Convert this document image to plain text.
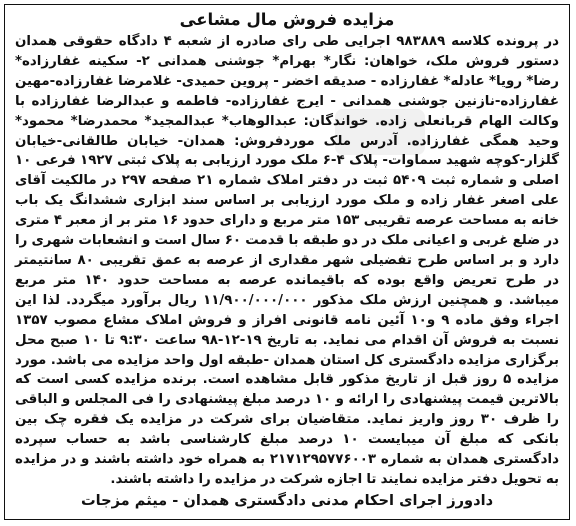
مزایده فروش مال مشاعی

در پرونده کلاسه ۹۸۳۸۸۹ اجرایی طی رای صادره از شعبه ۴ دادگاه حقوقی همدان دستور فروش ملک، خواهان: نگار* بهرام* جوشنی همدانی ۲- سکینه غفارزاده* رضا* رویا* عادله* غفارزاده - صدیقه اخضر - پروین حمیدی- غلامرضا غفارزاده-مهین غفارزاده-نازنین جوشنی همدانی - ایرج غفارزاده- فاطمه و عبدالرضا غفارزاده با وکالت الهام قربانعلی زاده. خواندگان: عبدالوهاب* عبدالمجید* محمدرضا* محمود* وحید همگی غفارزاده. آدرس ملک موردفروش: همدان- خیابان طالقانی-خیابان گلزار-کوچه شهید سماوات- پلاک ۴-۶ ملک مورد ارزیابی به پلاک ثبتی ۱۹۲۷ فرعی ۱۰ اصلی و شماره ثبت ۵۴۰۹ ثبت در دفتر املاک شماره ۲۱ صفحه ۲۹۷ در مالکیت آقای علی اصغر غفار زاده و ملک مورد ارزیابی بر اساس سند ابزاری ششدانگ یک باب خانه به مساحت عرصه تقریبی ۱۵۳ متر مربع و دارای حدود ۱۶ متر بر از معبر ۴ متری در ضلع غربی و اعیانی ملک در دو طبقه با قدمت ۶۰ سال است و انشعابات شهری را دارد و بر اساس طرح تفضیلی شهر مقداری از عرصه به عمق تقریبی ۸۰ سانتیمتر در طرح تعریض واقع بوده که باقیمانده عرصه به مساحت حدود ۱۴۰ متر مربع میباشد. و همچنین ارزش ملک مذکور ۱۱/۹۰۰/۰۰۰/۰۰۰ ریال برآورد میگردد. لذا این اجراء وفق ماده ۹ و۱۰ آئین نامه قانونی افراز و فروش املاک مشاع مصوب ۱۳۵۷ نسبت به فروش آن اقدام می نماید. به تاریخ ۱۹-۱۲-۹۸ ساعت ۹:۳۰ تا ۱۰ صبح محل برگزاری مزایده دادگستری کل استان همدان -طبقه اول واحد مزایده می باشد. مورد مزایده ۵ روز قبل از تاریخ مذکور قابل مشاهده است. برنده مزایده کسی است که بالاترین قیمت پیشنهادی را ارائه و ۱۰ درصد مبلغ پیشنهادی را فی المجلس و الباقی را ظرف ۳۰ روز واریز نماید. متقاضیان برای شرکت در مزایده یک فقره چک بین بانکی که مبلغ آن میبایست ۱۰ درصد مبلغ کارشناسی باشد به حساب سپرده دادگستری همدان به شماره ۲۱۷۱۲۹۵۷۷۶۰۰۳ به همراه خود داشته باشند و در مزایده به تحویل دفتر مزایده نمایند تا اجازه شرکت در مزایده را داشته باشند.

دادورز اجرای احکام مدنی دادگستری همدان - میثم مزجات
